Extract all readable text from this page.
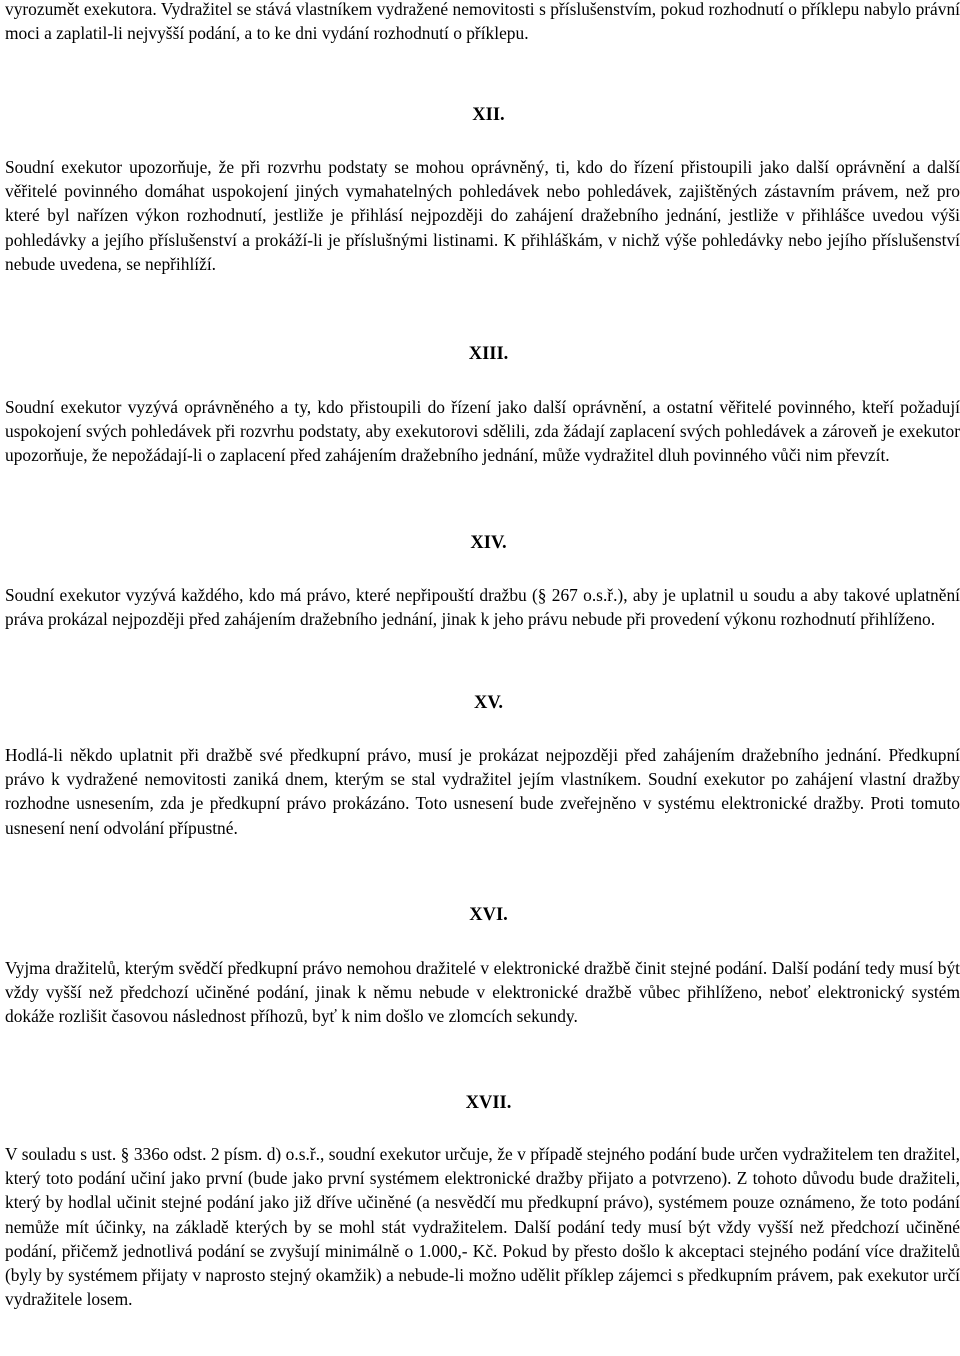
vyrozumět exekutora. Vydražitel se stává vlastníkem vydražené nemovitosti s příslušenstvím, pokud rozhodnutí o příklepu nabylo právní moci a zaplatil-li nejvyšší podání, a to ke dni vydání rozhodnutí o příklepu.

XII.

Soudní exekutor upozorňuje, že při rozvrhu podstaty se mohou oprávněný, ti, kdo do řízení přistoupili jako další oprávnění a další věřitelé povinného domáhat uspokojení jiných vymahatelných pohledávek nebo pohledávek, zajištěných zástavním právem, než pro které byl nařízen výkon rozhodnutí, jestliže je přihlásí nejpozději do zahájení dražebního jednání, jestliže v přihlášce uvedou výši pohledávky a jejího příslušenství a prokáží-li je příslušnými listinami. K přihláškám, v nichž výše pohledávky nebo jejího příslušenství nebude uvedena, se nepřihlíží.

XIII.

Soudní exekutor vyzývá oprávněného a ty, kdo přistoupili do řízení jako další oprávnění, a ostatní věřitelé povinného, kteří požadují uspokojení svých pohledávek při rozvrhu podstaty, aby exekutorovi sdělili, zda žádají zaplacení svých pohledávek a zároveň je exekutor upozorňuje, že nepožádají-li o zaplacení před zahájením dražebního jednání, může vydražitel dluh povinného vůči nim převzít.

XIV.

Soudní exekutor vyzývá každého, kdo má právo, které nepřipouští dražbu (§ 267 o.s.ř.), aby je uplatnil u soudu a aby takové uplatnění práva prokázal nejpozději před zahájením dražebního jednání, jinak k jeho právu nebude při provedení výkonu rozhodnutí přihlíženo.

XV.

Hodlá-li někdo uplatnit při dražbě své předkupní právo, musí je prokázat nejpozději před zahájením dražebního jednání. Předkupní právo k vydražené nemovitosti zaniká dnem, kterým se stal vydražitel jejím vlastníkem. Soudní exekutor po zahájení vlastní dražby rozhodne usnesením, zda je předkupní právo prokázáno. Toto usnesení bude zveřejněno v systému elektronické dražby. Proti tomuto usnesení není odvolání přípustné.

XVI.

Vyjma dražitelů, kterým svědčí předkupní právo nemohou dražitelé v elektronické dražbě činit stejné podání. Další podání tedy musí být vždy vyšší než předchozí učiněné podání, jinak k němu nebude v elektronické dražbě vůbec přihlíženo, neboť elektronický systém dokáže rozlišit časovou následnost příhozů, byť k nim došlo ve zlomcích sekundy.

XVII.

V souladu s ust. § 336o odst. 2 písm. d) o.s.ř., soudní exekutor určuje, že v případě stejného podání bude určen vydražitelem ten dražitel, který toto podání učiní jako první (bude jako první systémem elektronické dražby přijato a potvrzeno). Z tohoto důvodu bude dražiteli, který by hodlal učinit stejné podání jako již dříve učiněné (a nesvědčí mu předkupní právo), systémem pouze oznámeno, že toto podání nemůže mít účinky, na základě kterých by se mohl stát vydražitelem. Další podání tedy musí být vždy vyšší než předchozí učiněné podání, přičemž jednotlivá podání se zvyšují minimálně o 1.000,- Kč. Pokud by přesto došlo k akceptaci stejného podání více dražitelů (byly by systémem přijaty v naprosto stejný okamžik) a nebude-li možno udělit příklep zájemci s předkupním právem, pak exekutor určí vydražitele losem.
